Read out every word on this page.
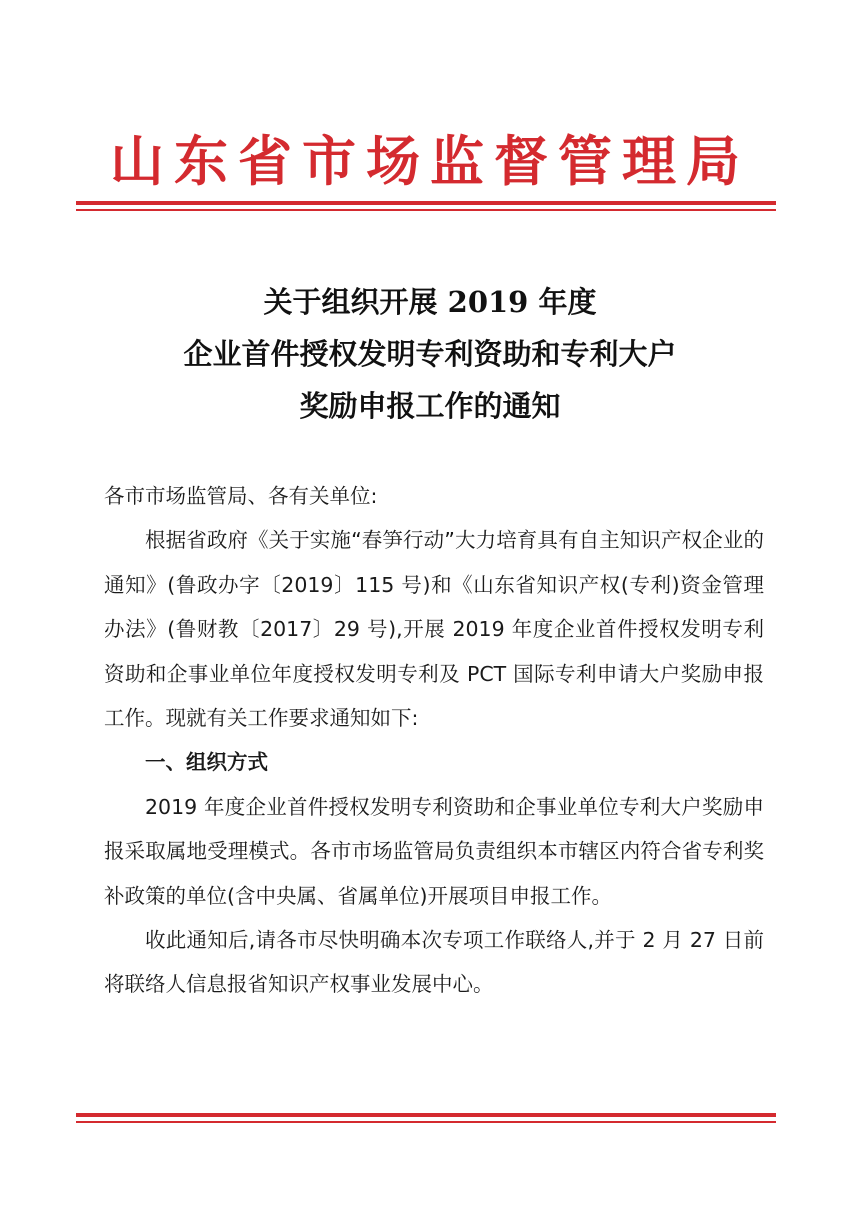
山东省市场监督管理局
关于组织开展 2019 年度
企业首件授权发明专利资助和专利大户
奖励申报工作的通知

各市市场监管局、各有关单位:

根据省政府《关于实施“春笋行动”大力培育具有自主知识产权企业的通知》(鲁政办字〔2019〕115 号)和《山东省知识产权(专利)资金管理办法》(鲁财教〔2017〕29 号),开展 2019 年度企业首件授权发明专利资助和企事业单位年度授权发明专利及 PCT 国际专利申请大户奖励申报工作。现就有关工作要求通知如下:

一、组织方式

2019 年度企业首件授权发明专利资助和企事业单位专利大户奖励申报采取属地受理模式。各市市场监管局负责组织本市辖区内符合省专利奖补政策的单位(含中央属、省属单位)开展项目申报工作。

收此通知后,请各市尽快明确本次专项工作联络人,并于 2 月 27 日前将联络人信息报省知识产权事业发展中心。
